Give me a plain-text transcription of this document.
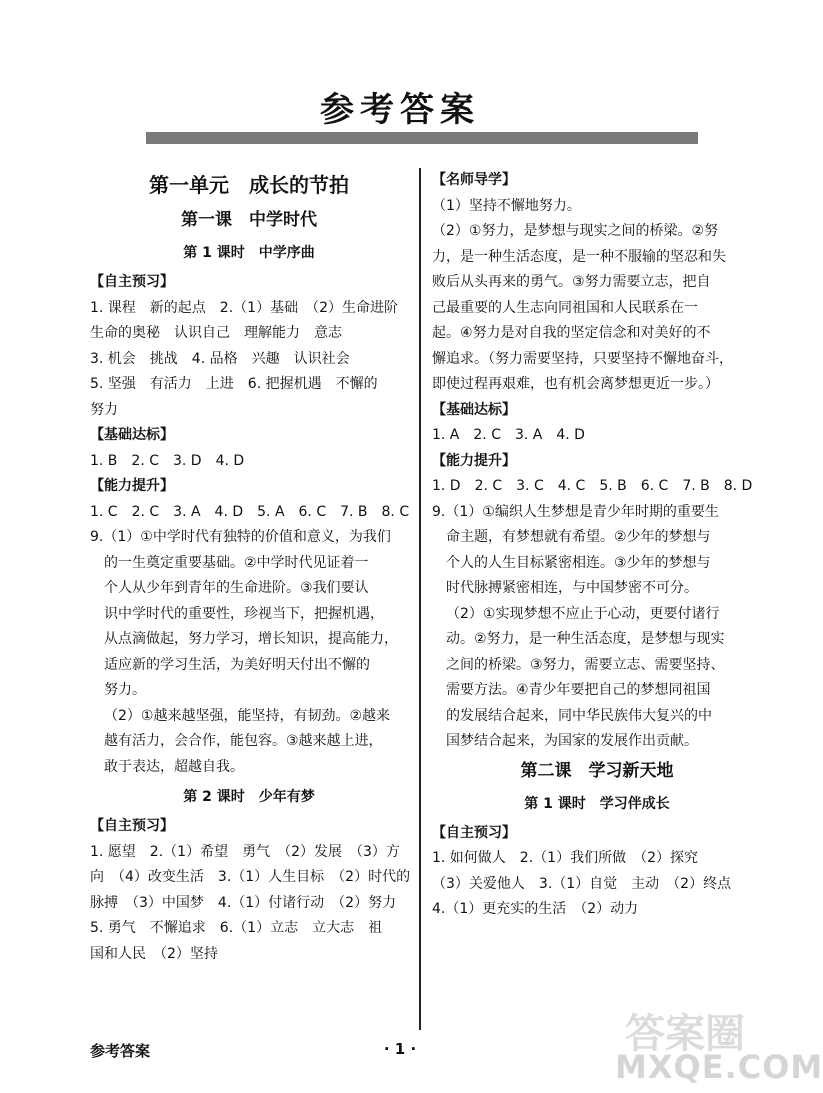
参考答案
第一单元　成长的节拍
第一课　中学时代
第 1 课时　中学序曲
【自主预习】
1. 课程　新的起点　2.（1）基础　（2）生命进阶
生命的奥秘　认识自己　理解能力　意志
3. 机会　挑战　4. 品格　兴趣　认识社会
5. 坚强　有活力　上进　6. 把握机遇　不懈的
努力
【基础达标】
1. B　2. C　3. D　4. D
【能力提升】
1. C　2. C　3. A　4. D　5. A　6. C　7. B　8. C
9.（1）①中学时代有独特的价值和意义，为我们
的一生奠定重要基础。②中学时代见证着一
个人从少年到青年的生命进阶。③我们要认
识中学时代的重要性，珍视当下，把握机遇，
从点滴做起，努力学习，增长知识，提高能力，
适应新的学习生活，为美好明天付出不懈的
努力。
（2）①越来越坚强，能坚持，有韧劲。②越来
越有活力，会合作，能包容。③越来越上进，
敢于表达，超越自我。
第 2 课时　少年有梦
【自主预习】
1. 愿望　2.（1）希望　勇气　（2）发展　（3）方
向　（4）改变生活　3.（1）人生目标　（2）时代的
脉搏　（3）中国梦　4.（1）付诸行动　（2）努力
5. 勇气　不懈追求　6.（1）立志　立大志　祖
国和人民　（2）坚持
【名师导学】
（1）坚持不懈地努力。
（2）①努力，是梦想与现实之间的桥梁。②努
力，是一种生活态度，是一种不服输的坚忍和失
败后从头再来的勇气。③努力需要立志，把自
己最重要的人生志向同祖国和人民联系在一
起。④努力是对自我的坚定信念和对美好的不
懈追求。（努力需要坚持，只要坚持不懈地奋斗，
即使过程再艰难，也有机会离梦想更近一步。）
【基础达标】
1. A　2. C　3. A　4. D
【能力提升】
1. D　2. C　3. C　4. C　5. B　6. C　7. B　8. D
9.（1）①编织人生梦想是青少年时期的重要生
命主题，有梦想就有希望。②少年的梦想与
个人的人生目标紧密相连。③少年的梦想与
时代脉搏紧密相连，与中国梦密不可分。
（2）①实现梦想不应止于心动，更要付诸行
动。②努力，是一种生活态度，是梦想与现实
之间的桥梁。③努力，需要立志、需要坚持、
需要方法。④青少年要把自己的梦想同祖国
的发展结合起来，同中华民族伟大复兴的中
国梦结合起来，为国家的发展作出贡献。
第二课　学习新天地
第 1 课时　学习伴成长
【自主预习】
1. 如何做人　2.（1）我们所做　（2）探究
（3）关爱他人　3.（1）自觉　主动　（2）终点
4.（1）更充实的生活　（2）动力
参考答案	· 1 ·	答案圈
MXQE.COM
